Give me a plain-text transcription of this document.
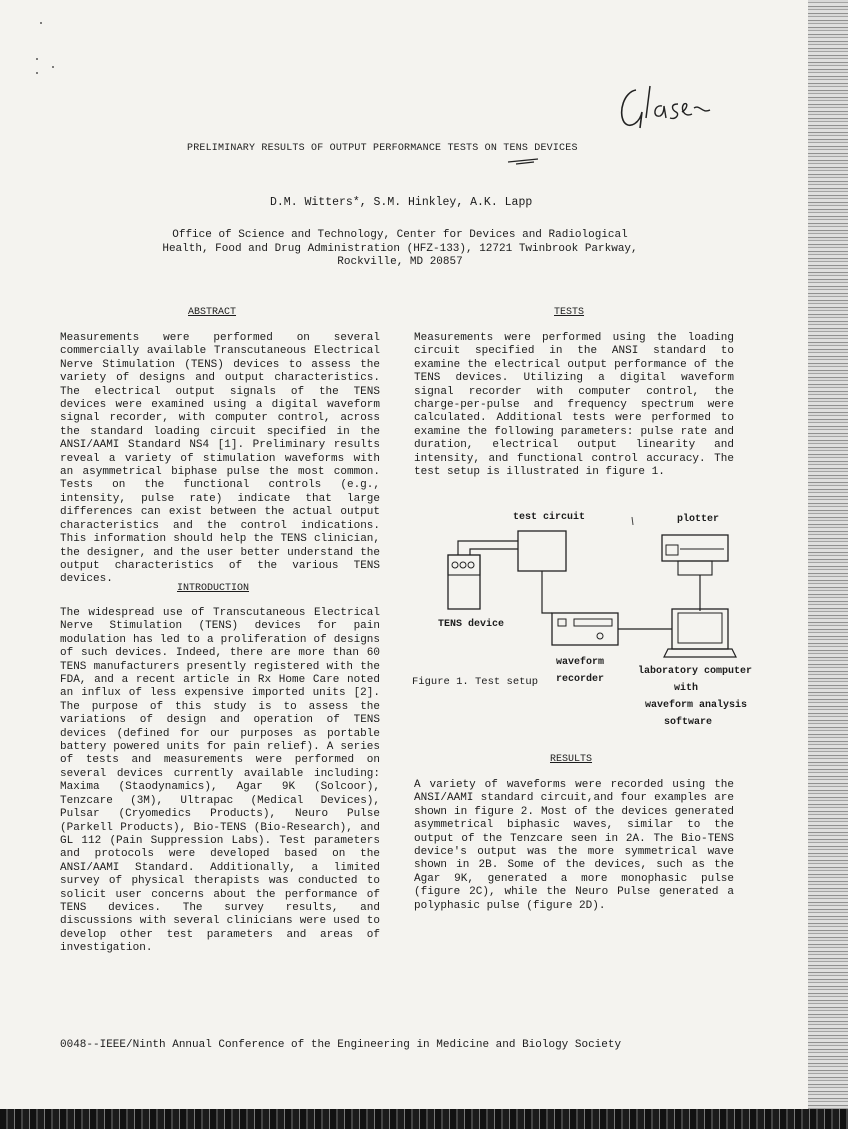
PRELIMINARY RESULTS OF OUTPUT PERFORMANCE TESTS ON TENS DEVICES
D.M. Witters*, S.M. Hinkley, A.K. Lapp
Office of Science and Technology, Center for Devices and Radiological
Health, Food and Drug Administration (HFZ-133), 12721 Twinbrook Parkway,
Rockville, MD 20857
ABSTRACT

Measurements were performed on several commercially available Transcutaneous Electrical Nerve Stimulation (TENS) devices to assess the variety of designs and output characteristics. The electrical output signals of the TENS devices were examined using a digital waveform signal recorder, with computer control, across the standard loading circuit specified in the ANSI/AAMI Standard NS4 [1]. Preliminary results reveal a variety of stimulation waveforms with an asymmetrical biphase pulse the most common. Tests on the functional controls (e.g., intensity, pulse rate) indicate that large differences can exist between the actual output characteristics and the control indications. This information should help the TENS clinician, the designer, and the user better understand the output characteristics of the various TENS devices.

INTRODUCTION

The widespread use of Transcutaneous Electrical Nerve Stimulation (TENS) devices for pain modulation has led to a proliferation of designs of such devices. Indeed, there are more than 60 TENS manufacturers presently registered with the FDA, and a recent article in Rx Home Care noted an influx of less expensive imported units [2]. The purpose of this study is to assess the variations of design and operation of TENS devices (defined for our purposes as portable battery powered units for pain relief). A series of tests and measurements were performed on several devices currently available including: Maxima (Staodynamics), Agar 9K (Solcoor), Tenzcare (3M), Ultrapac (Medical Devices), Pulsar (Cryomedics Products), Neuro Pulse (Parkell Products), Bio-TENS (Bio-Research), and GL 112 (Pain Suppression Labs). Test parameters and protocols were developed based on the ANSI/AAMI Standard. Additionally, a limited survey of physical therapists was conducted to solicit user concerns about the performance of TENS devices. The survey results, and discussions with several clinicians were used to develop other test parameters and areas of investigation.

TESTS

Measurements were performed using the loading circuit specified in the ANSI standard to examine the electrical output performance of the TENS devices. Utilizing a digital waveform signal recorder with computer control, the charge-per-pulse and frequency spectrum were calculated. Additional tests were performed to examine the following parameters: pulse rate and duration, electrical output linearity and intensity, and functional control accuracy. The test setup is illustrated in figure 1.

test circuit	plotter
TENS device
waveform
recorder
laboratory computer
with
waveform analysis
software
Figure 1. Test setup
RESULTS

A variety of waveforms were recorded using the ANSI/AAMI standard circuit,and four examples are shown in figure 2. Most of the devices generated asymmetrical biphasic waves, similar to the output of the Tenzcare seen in 2A. The Bio-TENS device's output was the more symmetrical wave shown in 2B. Some of the devices, such as the Agar 9K, generated a more monophasic pulse (figure 2C), while the Neuro Pulse generated a polyphasic pulse (figure 2D).

0048--IEEE/Ninth Annual Conference of the Engineering in Medicine and Biology Society
